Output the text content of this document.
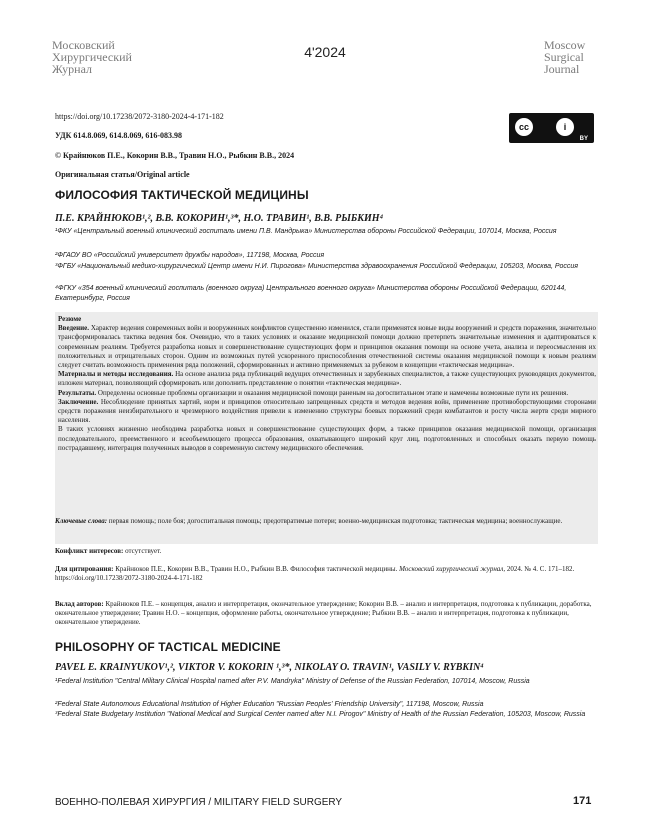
Московский
Хирургический
Журнал
4'2024	Moscow
Surgical
Journal
https://doi.org/10.17238/2072-3180-2024-4-171-182
УДК 614.8.069, 614.8.069, 616-083.98
© Крайнюков П.Е., Кокорин В.В., Травин Н.О., Рыбкин В.В., 2024
Оригинальная статья/Original article
cc	i
BY
ФИЛОСОФИЯ ТАКТИЧЕСКОЙ МЕДИЦИНЫ
П.Е. КРАЙНЮКОВ¹,², В.В. КОКОРИН¹,³*, Н.О. ТРАВИН¹, В.В. РЫБКИН⁴
¹ФКУ «Центральный военный клинический госпиталь имени П.В. Мандрыка» Министерства обороны Российской Федерации, 107014, Москва, Россия
²ФГАОУ ВО «Российский университет дружбы народов», 117198, Москва, Россия
³ФГБУ «Национальный медико-хирургический Центр имени Н.И. Пирогова» Министерства здравоохранения Российской Федерации, 105203, Москва, Россия
⁴ФГКУ «354 военный клинический госпиталь (военного округа) Центрального военного округа» Министерства обороны Российской Федерации, 620144, Екатеринбург, Россия

Резюме

Введение. Характер ведения современных войн и вооруженных конфликтов существенно изменился, стали применятся новые виды вооружений и средств поражения, значительно трансформировалась тактика ведения боя. Очевидно, что в таких условиях и оказание медицинской помощи должно претерпеть значительные изменения и адаптироваться к современным реалиям. Требуется разработка новых и совершенствование существующих форм и принципов оказания помощи на основе учета, анализа и переосмысления их положительных и отрицательных сторон. Одним из возможных путей ускоренного приспособления отечественной системы оказания медицинской помощи к новым реалиям следует считать возможность применения ряда положений, сформированных и активно применяемых за рубежом в концепции «тактическая медицина».

Материалы и методы исследования. На основе анализа ряда публикаций ведущих отечественных и зарубежных специалистов, а также существующих руководящих документов, изложен материал, позволяющий сформировать или дополнить представление о понятии «тактическая медицина».

Результаты. Определены основные проблемы организации и оказания медицинской помощи раненым на догоспитальном этапе и намечены возможные пути их решения.

Заключение. Несоблюдение принятых хартий, норм и принципов относительно запрещенных средств и методов ведения войн, применение противоборствующими сторонами средств поражения неизбирательного и чрезмерного воздействия привели к изменению структуры боевых поражений среди комбатантов и росту числа жертв среди мирного населения.

В таких условиях жизненно необходима разработка новых и совершенствование существующих форм, а также принципов оказания медицинской помощи, организация последовательного, преемственного и всеобъемлющего процесса образования, охватывающего широкий круг лиц, подготовленных и способных оказать первую помощь пострадавшему, интеграция полученных выводов в современную систему медицинского обеспечения.

Ключевые слова: первая помощь; поле боя; догоспитальная помощь; предотвратимые потери; военно-медицинская подготовка; тактическая медицина; военнослужащие.
Конфликт интересов: отсутствует.
Для цитирования: Крайнюков П.Е., Кокорин В.В., Травин Н.О., Рыбкин В.В. Философия тактической медицины. Московский хирургический журнал, 2024. № 4. С. 171–182. https://doi.org/10.17238/2072-3180-2024-4-171-182
Вклад авторов: Крайнюков П.Е. – концепция, анализ и интерпретация, окончательное утверждение; Кокорин В.В. – анализ и интерпретация, подготовка к публикации, доработка, окончательное утверждение; Травин Н.О. – концепция, оформление работы, окончательное утверждение; Рыбкин В.В. – анализ и интерпретация, подготовка к публикации, окончательное утверждение.
PHILOSOPHY OF TACTICAL MEDICINE
PAVEL E. KRAINYUKOV¹,², VIKTOR V. KOKORIN ¹,³*, NIKOLAY O. TRAVIN¹, VASILY V. RYBKIN⁴
¹Federal Institution "Central Military Clinical Hospital named after P.V. Mandryka" Ministry of Defense of the Russian Federation, 107014, Moscow, Russia
²Federal State Autonomous Educational Institution of Higher Education "Russian Peoples' Friendship University", 117198, Moscow, Russia
³Federal State Budgetary Institution "National Medical and Surgical Center named after N.I. Pirogov" Ministry of Health of the Russian Federation, 105203, Moscow, Russia
ВОЕННО-ПОЛЕВАЯ ХИРУРГИЯ / MILITARY FIELD SURGERY	171
